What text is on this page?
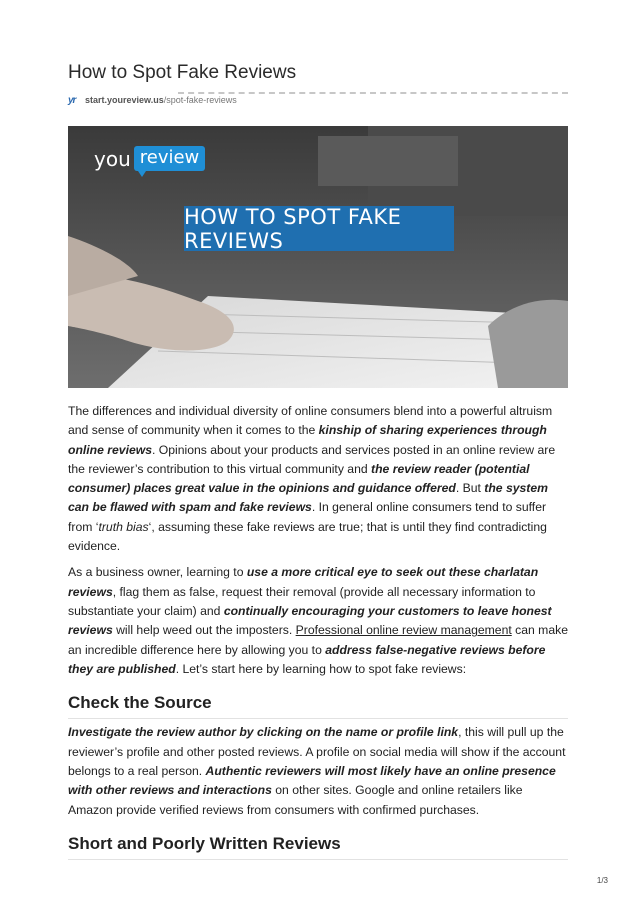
How to Spot Fake Reviews
yr start.youreview.us/spot-fake-reviews
you review
HOW TO SPOT FAKE REVIEWS

The differences and individual diversity of online consumers blend into a powerful altruism and sense of community when it comes to the kinship of sharing experiences through online reviews. Opinions about your products and services posted in an online review are the reviewer’s contribution to this virtual community and the review reader (potential consumer) places great value in the opinions and guidance offered. But the system can be flawed with spam and fake reviews. In general online consumers tend to suffer from ‘truth bias‘, assuming these fake reviews are true; that is until they find contradicting evidence.

As a business owner, learning to use a more critical eye to seek out these charlatan reviews, flag them as false, request their removal (provide all necessary information to substantiate your claim) and continually encouraging your customers to leave honest reviews will help weed out the imposters. Professional online review management can make an incredible difference here by allowing you to address false-negative reviews before they are published. Let’s start here by learning how to spot fake reviews:

Check the Source

Investigate the review author by clicking on the name or profile link, this will pull up the reviewer’s profile and other posted reviews. A profile on social media will show if the account belongs to a real person. Authentic reviewers will most likely have an online presence with other reviews and interactions on other sites. Google and online retailers like Amazon provide verified reviews from consumers with confirmed purchases.

Short and Poorly Written Reviews
1/3
